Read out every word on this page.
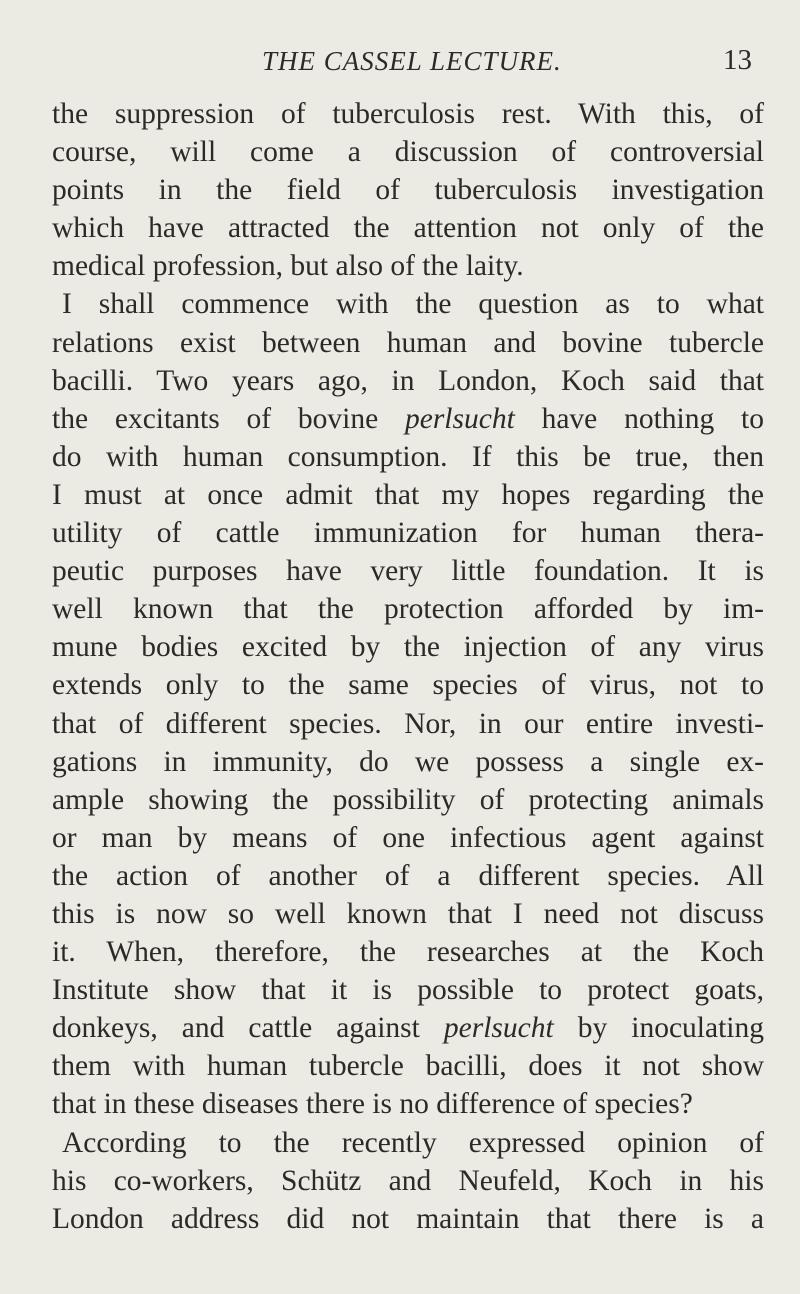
THE CASSEL LECTURE.	13
the suppression of tuberculosis rest. With this, of
course, will come a discussion of controversial
points in the field of tuberculosis investigation
which have attracted the attention not only of the
medical profession, but also of the laity.
I shall commence with the question as to what
relations exist between human and bovine tubercle
bacilli. Two years ago, in London, Koch said that
the excitants of bovine perlsucht have nothing to
do with human consumption. If this be true, then
I must at once admit that my hopes regarding the
utility of cattle immunization for human thera-
peutic purposes have very little foundation. It is
well known that the protection afforded by im-
mune bodies excited by the injection of any virus
extends only to the same species of virus, not to
that of different species. Nor, in our entire investi-
gations in immunity, do we possess a single ex-
ample showing the possibility of protecting animals
or man by means of one infectious agent against
the action of another of a different species. All
this is now so well known that I need not discuss
it. When, therefore, the researches at the Koch
Institute show that it is possible to protect goats,
donkeys, and cattle against perlsucht by inoculating
them with human tubercle bacilli, does it not show
that in these diseases there is no difference of species?
According to the recently expressed opinion of
his co-workers, Schütz and Neufeld, Koch in his
London address did not maintain that there is a
